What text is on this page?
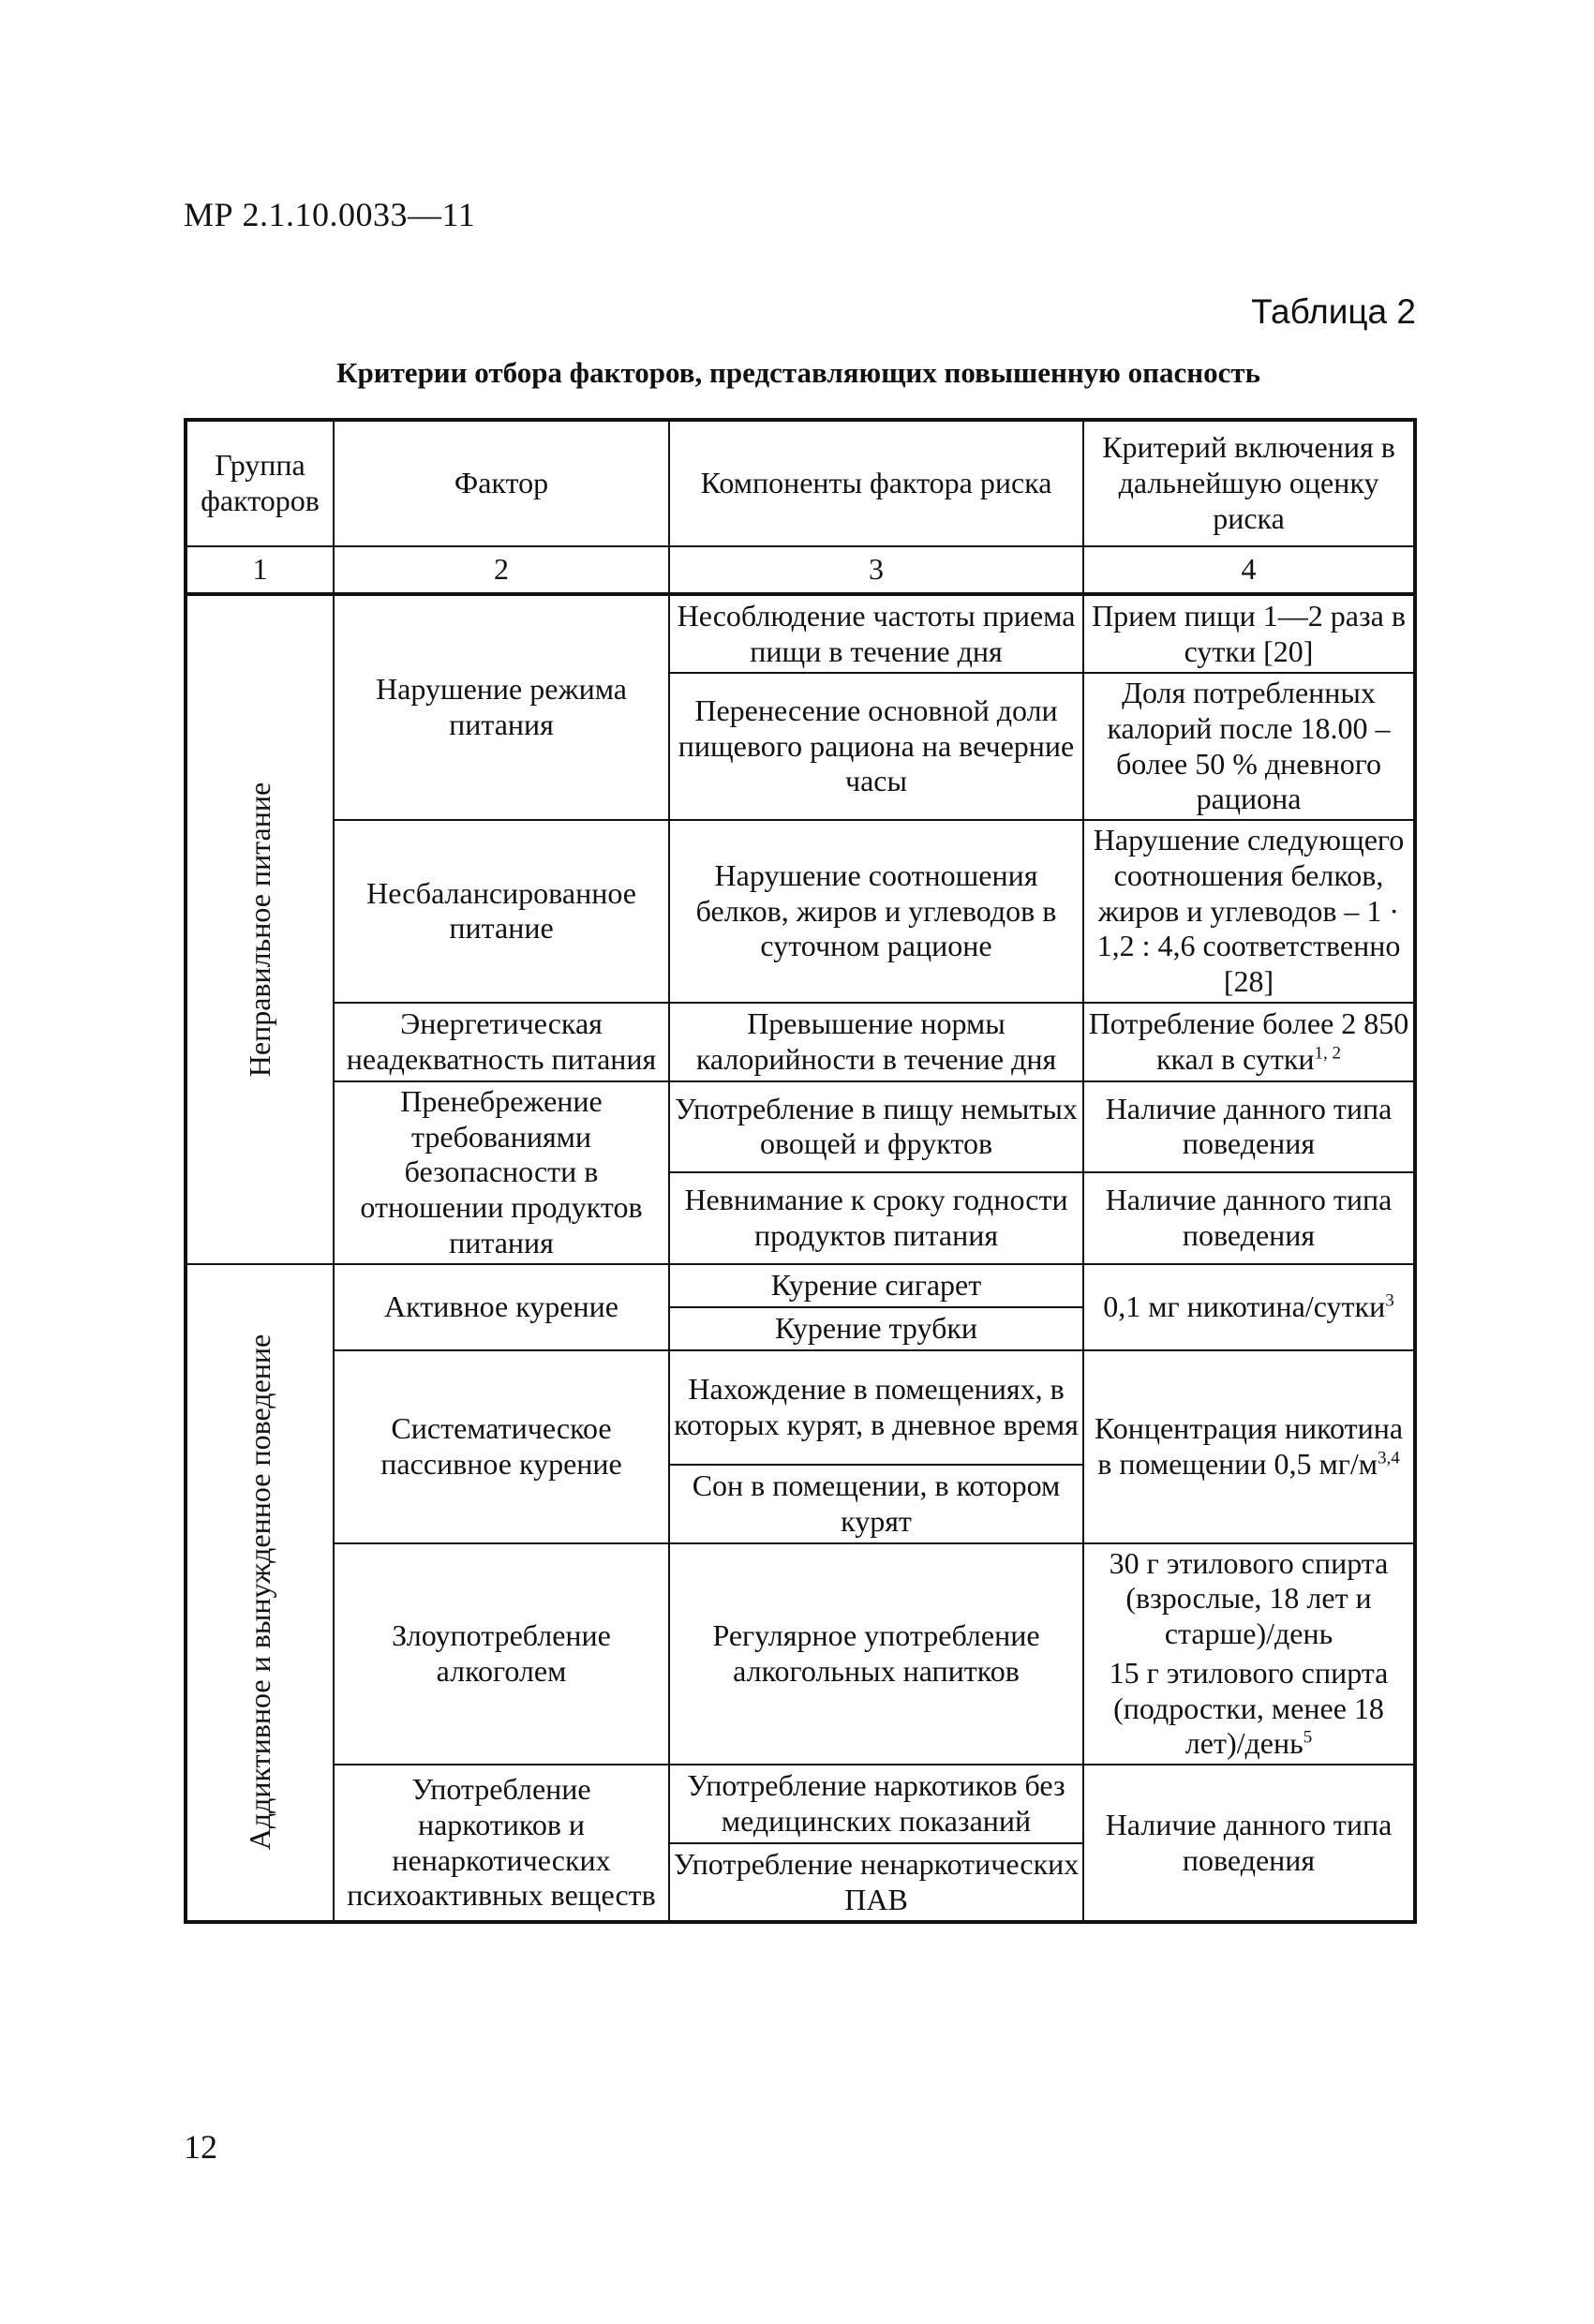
МР 2.1.10.0033—11
Таблица 2
Критерии отбора факторов, представляющих повышенную опасность
Группа факторов	Фактор	Компоненты фактора риска	Критерий включения в дальнейшую оценку риска
1	2	3	4

Неправильное питание	Нарушение режима питания	Несоблюдение частоты приема пищи в течение дня	Прием пищи 1—2 раза в сутки [20]
		Перенесение основной доли пищевого рациона на вечерние часы	Доля потребленных калорий после 18.00 – более 50 % дневного рациона
	Несбалансированное питание	Нарушение соотношения белков, жиров и углеводов в суточном рационе	Нарушение следующего соотношения белков, жиров и углеводов – 1 · 1,2 : 4,6 соответственно [28]
	Энергетическая неадекватность питания	Превышение нормы калорийности в течение дня	Потребление более 2 850 ккал в сутки$^{1, 2}$
	Пренебрежение требованиями безопасности в отношении продуктов питания	Употребление в пищу немытых овощей и фруктов	Наличие данного типа поведения
		Невнимание к сроку годности продуктов питания	Наличие данного типа поведения

Аддиктивное и вынужденное поведение	Активное курение	Курение сигарет	0,1 мг никотина/сутки$^3$
		Курение трубки	
	Систематическое пассивное курение	Нахождение в помещениях, в которых курят, в дневное время	Концентрация никотина в помещении 0,5 $мг/м^{3,4}$
		Сон в помещении, в котором курят	
	Злоупотребление алкоголем	Регулярное употребление алкогольных напитков	30 г этилового спирта (взрослые, 18 лет и старше)/день
			15 г этилового спирта (подростки, менее 18 лет)/день$^5$
	Употребление наркотиков и ненаркотических психоактивных веществ	Употребление наркотиков без медицинских показаний	Наличие данного типа поведения
		Употребление ненаркотических ПАВ	
12
